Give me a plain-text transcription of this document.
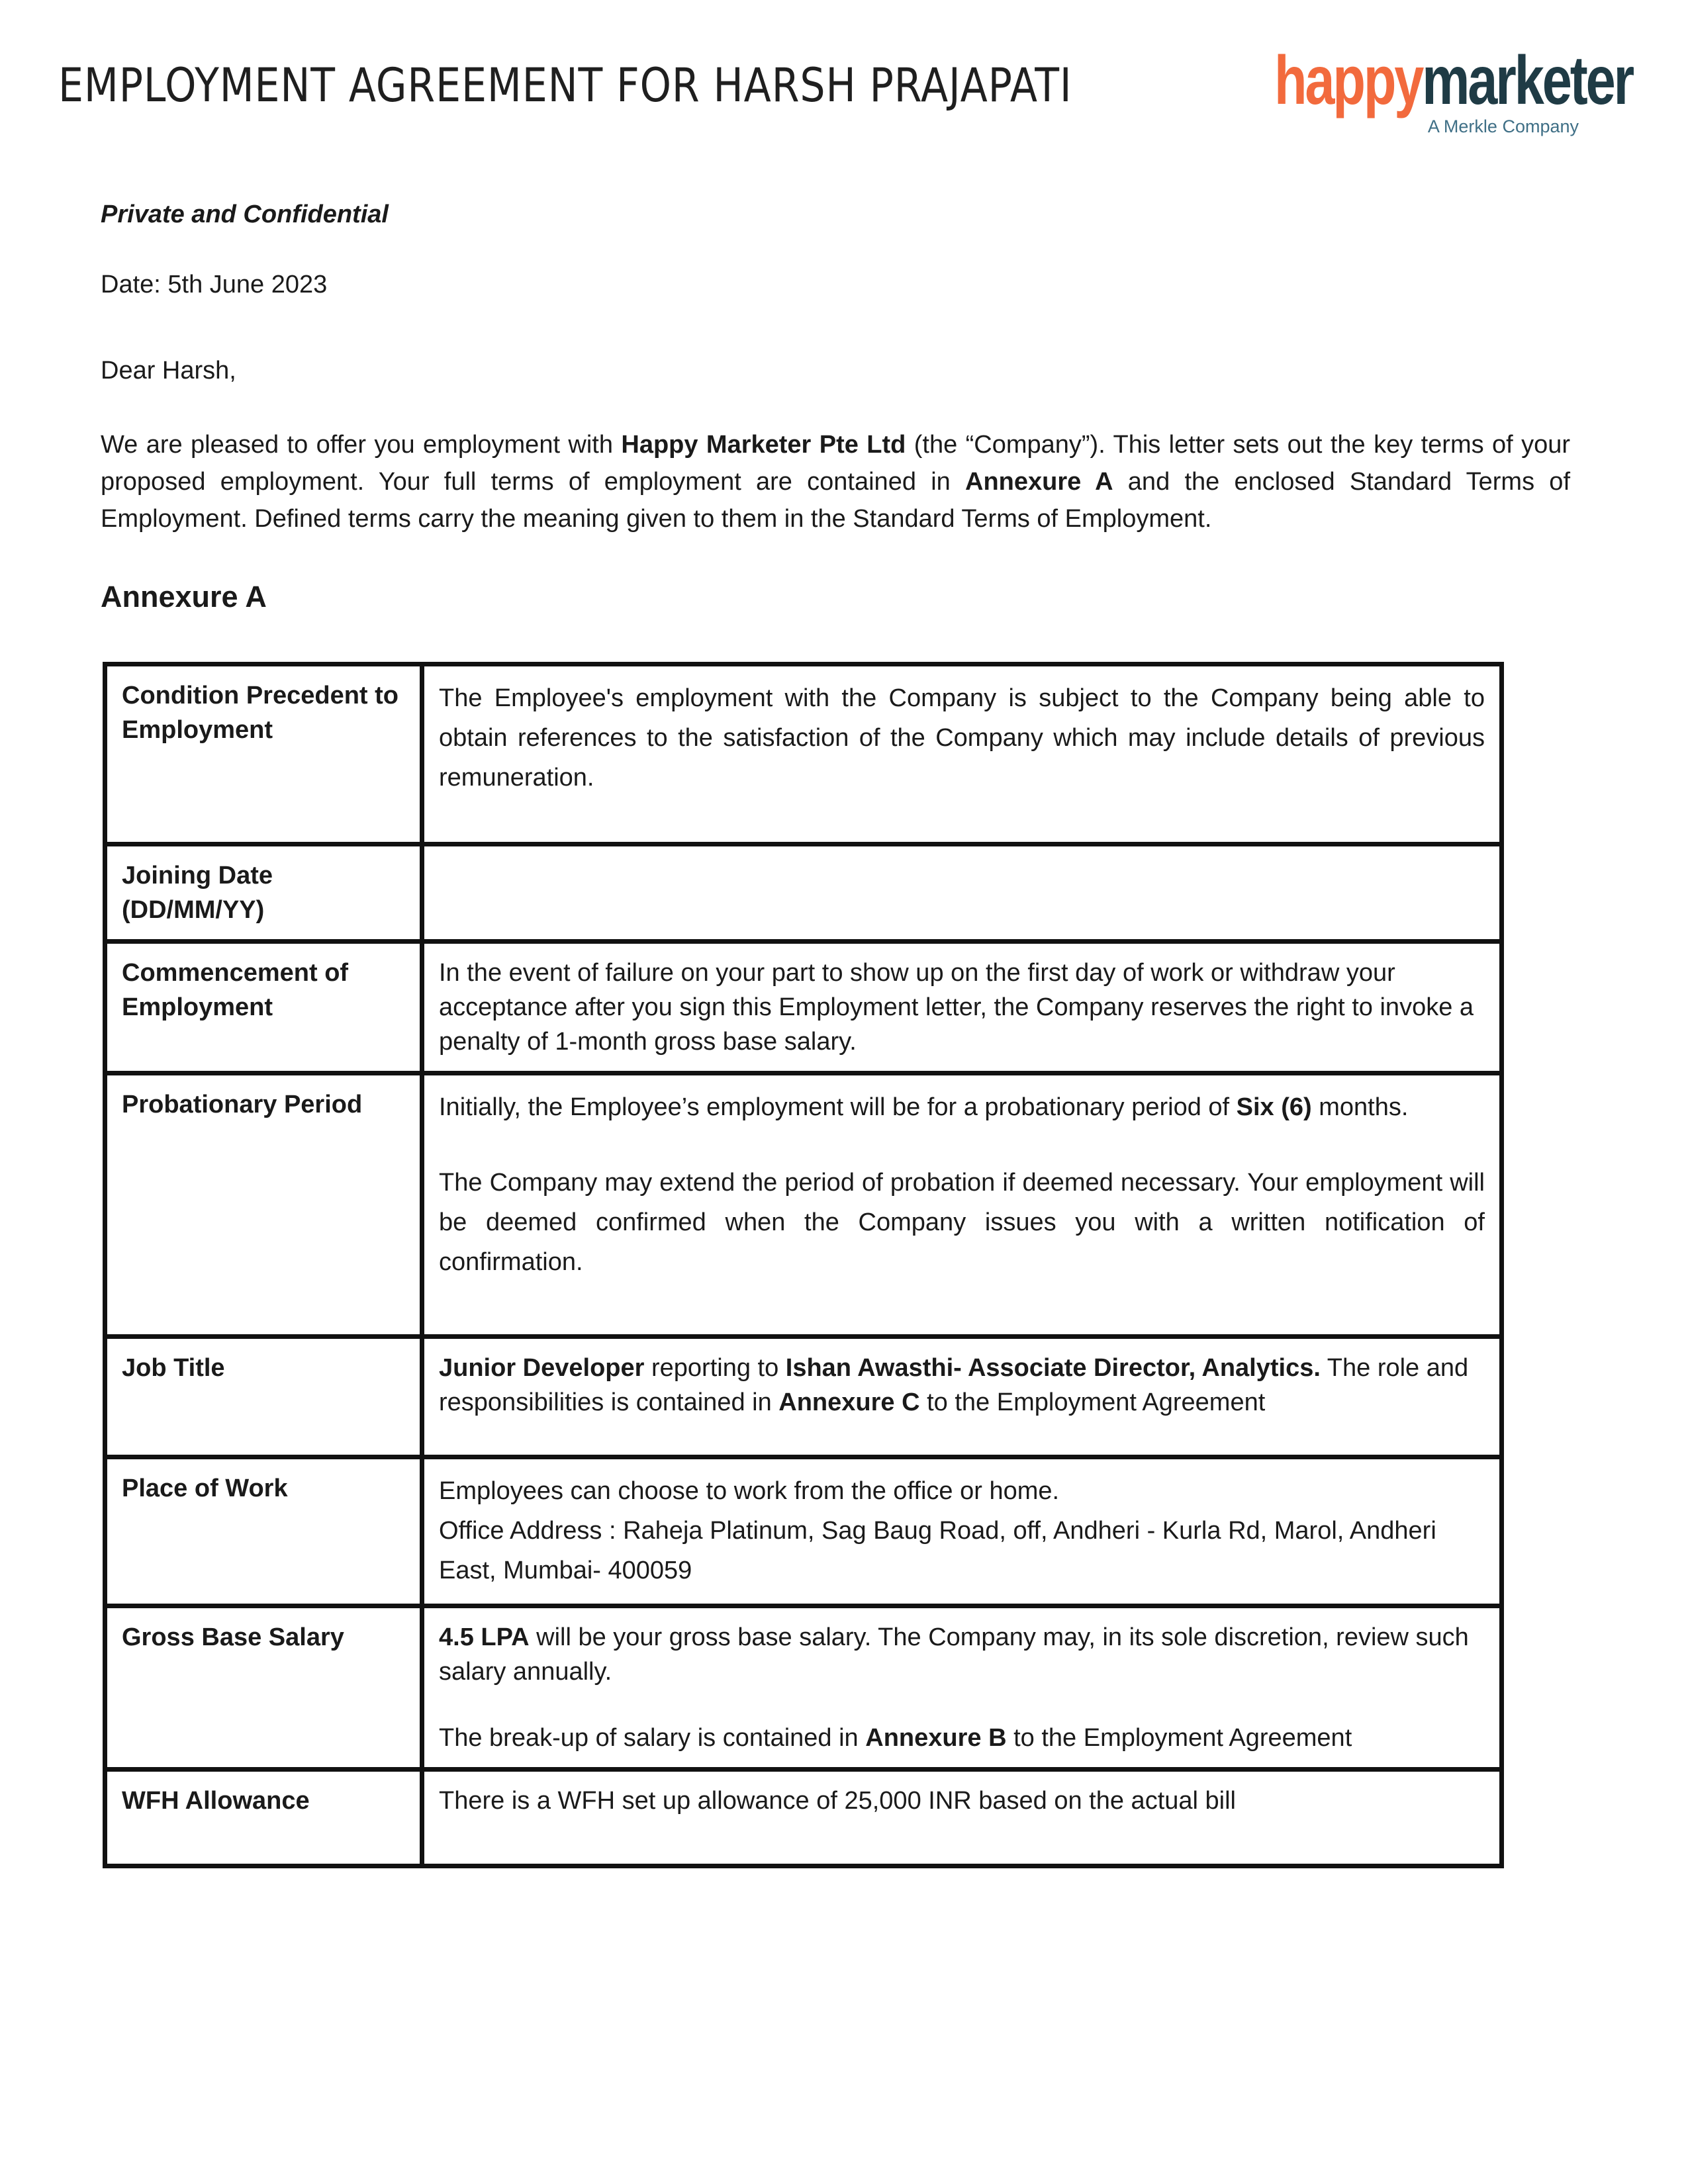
EMPLOYMENT AGREEMENT FOR HARSH PRAJAPATI	happymarketer
A Merkle Company

Private and Confidential

Date: 5th June 2023

Dear Harsh,

We are pleased to offer you employment with Happy Marketer Pte Ltd (the “Company”). This letter sets out the key terms of your proposed employment. Your full terms of employment are contained in Annexure A and the enclosed Standard Terms of Employment. Defined terms carry the meaning given to them in the Standard Terms of Employment.

Annexure A
Condition Precedent to Employment	The Employee's employment with the Company is subject to the Company being able to obtain references to the satisfaction of the Company which may include details of previous remuneration.
Joining Date (DD/MM/YY)	
Commencement of Employment	In the event of failure on your part to show up on the first day of work or withdraw your acceptance after you sign this Employment letter, the Company reserves the right to invoke a penalty of 1-month gross base salary.
Probationary Period	Initially, the Employee’s employment will be for a probationary period of Six (6) months.
The Company may extend the period of probation if deemed necessary. Your employment will be deemed confirmed when the Company issues you with a written notification of confirmation.

Job Title	Junior Developer reporting to Ishan Awasthi- Associate Director, Analytics. The role and responsibilities is contained in Annexure C to the Employment Agreement
Place of Work	Employees can choose to work from the office or home.
Office Address : Raheja Platinum, Sag Baug Road, off, Andheri - Kurla Rd, Marol, Andheri East, Mumbai- 400059

Gross Base Salary	4.5 LPA will be your gross base salary. The Company may, in its sole discretion, review such salary annually.
The break-up of salary is contained in Annexure B to the Employment Agreement

WFH Allowance	There is a WFH set up allowance of 25,000 INR based on the actual bill
